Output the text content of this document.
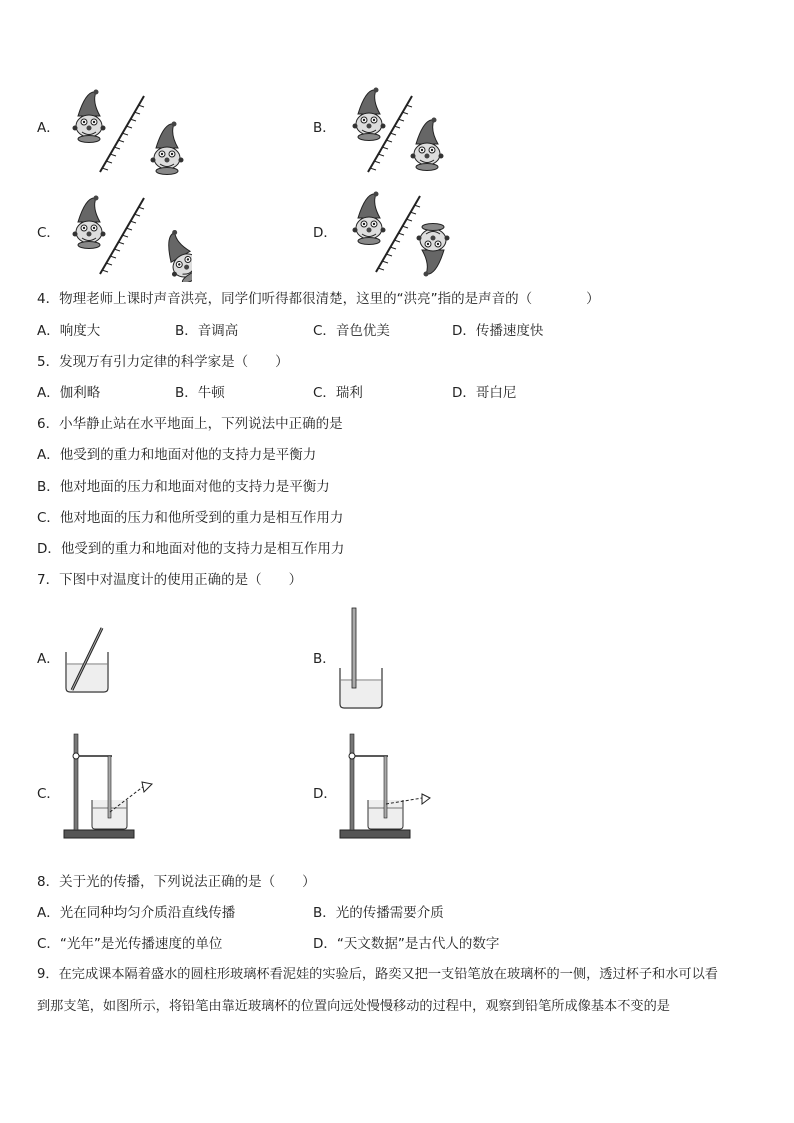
A．	B．
C．	D．
4．物理老师上课时声音洪亮，同学们听得都很清楚，这里的“洪亮”指的是声音的（　　　　）
A．响度大	B．音调高	C．音色优美	D．传播速度快
5．发现万有引力定律的科学家是（　　）
A．伽利略	B．牛顿	C．瑞利	D．哥白尼
6．小华静止站在水平地面上，下列说法中正确的是
A．他受到的重力和地面对他的支持力是平衡力
B．他对地面的压力和地面对他的支持力是平衡力
C．他对地面的压力和他所受到的重力是相互作用力
D．他受到的重力和地面对他的支持力是相互作用力
7．下图中对温度计的使用正确的是（　　）
A．	B．
C．	D．
8．关于光的传播，下列说法正确的是（　　）
A．光在同种均匀介质沿直线传播	B．光的传播需要介质
C．“光年”是光传播速度的单位	D．“天文数据”是古代人的数字
9．在完成课本隔着盛水的圆柱形玻璃杯看泥娃的实验后，路奕又把一支铅笔放在玻璃杯的一侧，透过杯子和水可以看
到那支笔，如图所示，将铅笔由靠近玻璃杯的位置向远处慢慢移动的过程中，观察到铅笔所成像基本不变的是
